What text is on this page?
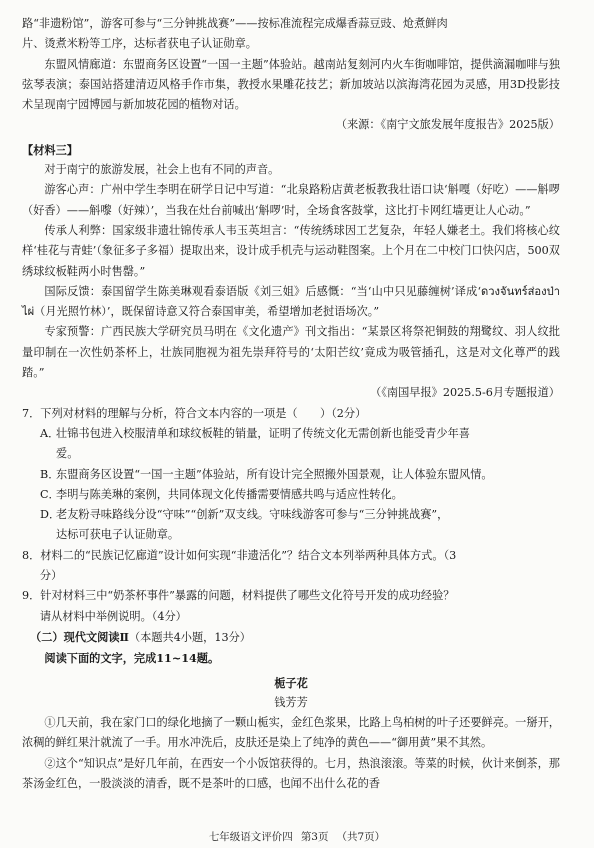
路“非遗粉馆”，游客可参与“三分钟挑战赛”——按标准流程完成爆香蒜豆豉、炝煮鲜肉

片、烫煮米粉等工序，达标者获电子认证勋章。

东盟风情廊道：东盟商务区设置“一国一主题”体验站。越南站复刻河内火车街咖啡馆，提供滴漏咖啡与独弦琴表演；泰国站搭建清迈风格手作市集，教授水果雕花技艺；新加坡站以滨海湾花园为灵感，用3D投影技术呈现南宁园博园与新加坡花园的植物对话。

（来源：《南宁文旅发展年度报告》2025版）

【材料三】

对于南宁的旅游发展，社会上也有不同的声音。

游客心声：广州中学生李明在研学日记中写道：“北泉路粉店黄老板教我壮语口诀‘斛嘎（好吃）——斛啰（好香）——斛嚟（好辣）’，当我在灶台前喊出‘斛啰’时，全场食客鼓掌，这比打卡网红墙更让人心动。”

传承人利弊：国家级非遗壮锦传承人韦玉英坦言：“传统绣球因工艺复杂，年轻人嫌老土。我们将核心纹样‘桂花与青蛙’（象征多子多福）提取出来，设计成手机壳与运动鞋图案。上个月在二中校门口快闪店，500双绣球纹板鞋两小时售罄。”

国际反馈：泰国留学生陈美琳观看泰语版《刘三姐》后感慨：“当‘山中只见藤缠树’译成‘ดวงจันทร์ส่องป่าไผ่（月光照竹林）’，既保留诗意又符合泰国审美，希望增加老挝语场次。”

专家预警：广西民族大学研究员马明在《文化遗产》刊文指出：“某景区将祭祀铜鼓的翔鹭纹、羽人纹批量印制在一次性奶茶杯上，壮族同胞视为祖先崇拜符号的‘太阳芒纹’竟成为吸管插孔，这是对文化尊严的践踏。”

（《南国早报》2025.5-6月专题报道）

7．下列对材料的理解与分析，符合文本内容的一项是（　　）（2分）

A．壮锦书包进入校服清单和球纹板鞋的销量，证明了传统文化无需创新也能受青少年喜

爱。

B．东盟商务区设置“一国一主题”体验站，所有设计完全照搬外国景观，让人体验东盟风情。

C．李明与陈美琳的案例，共同体现文化传播需要情感共鸣与适应性转化。

D．老友粉寻味路线分设“守味”“创新”双支线。守味线游客可参与“三分钟挑战赛”，

达标可获电子认证勋章。

8．材料二的“民族记忆廊道”设计如何实现“非遗活化”？结合文本列举两种具体方式。（3

分）

9．针对材料三中“奶茶杯事件”暴露的问题，材料提供了哪些文化符号开发的成功经验？

请从材料中举例说明。（4分）

（二）现代文阅读Ⅱ（本题共4小题，13分）

阅读下面的文字，完成11~14题。

栀子花

钱芳芳

①几天前，我在家门口的绿化地摘了一颗山栀实，金红色浆果，比路上鸟柏树的叶子还要鲜亮。一掰开，浓稠的鲜红果汁就流了一手。用水冲洗后，皮肤还是染上了纯净的黄色——“御用黄”果不其然。

②这个“知识点”是好几年前，在西安一个小饭馆获得的。七月，热浪滚滚。等菜的时候，伙计来倒茶，那茶汤金红色，一股淡淡的清香，既不是茶叶的口感，也闻不出什么花的香

七年级语文评价四 第3页 （共7页）
